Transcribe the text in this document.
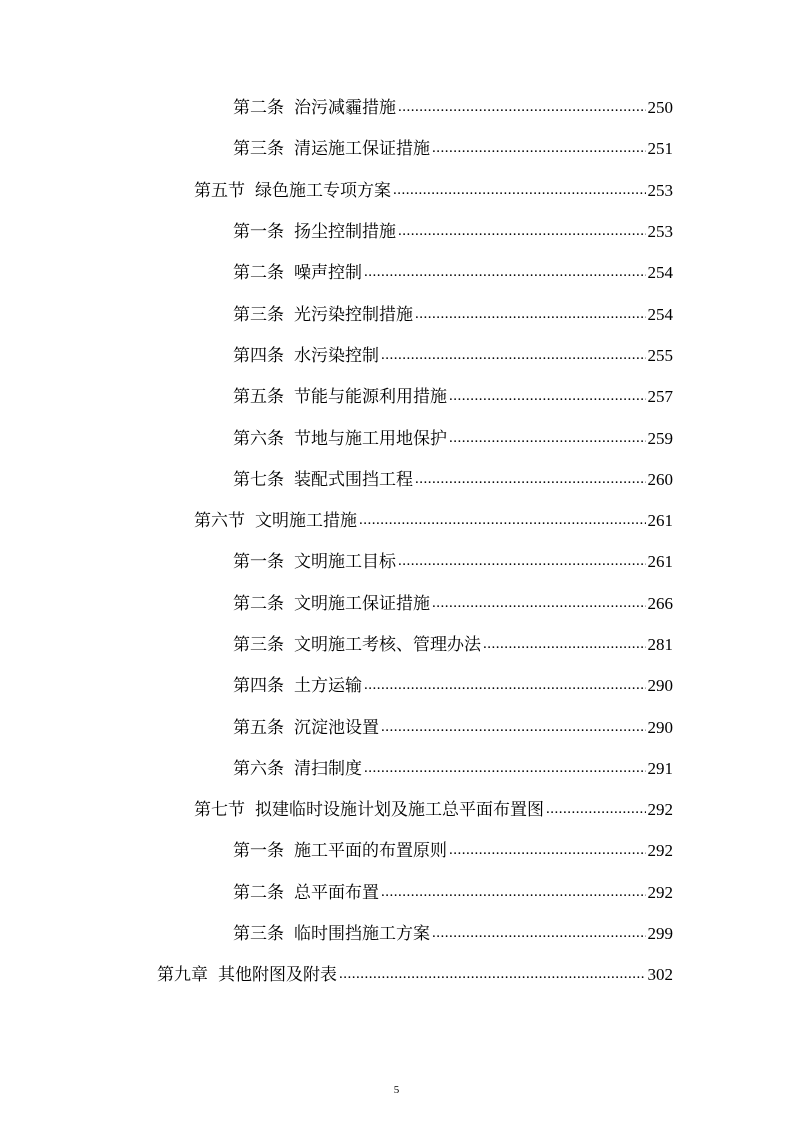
第二条 治污减霾措施 .....	250
第三条 清运施工保证措施 .....	251
第五节 绿色施工专项方案 .....	253
第一条 扬尘控制措施 .....	253
第二条 噪声控制 .....	254
第三条 光污染控制措施 .....	254
第四条 水污染控制 .....	255
第五条 节能与能源利用措施 .....	257
第六条 节地与施工用地保护 .....	259
第七条 装配式围挡工程 .....	260
第六节 文明施工措施 .....	261
第一条 文明施工目标 .....	261
第二条 文明施工保证措施 .....	266
第三条 文明施工考核、管理办法 .....	281
第四条 土方运输 .....	290
第五条 沉淀池设置 .....	290
第六条 清扫制度 .....	291
第七节 拟建临时设施计划及施工总平面布置图 .....	292
第一条 施工平面的布置原则 .....	292
第二条 总平面布置 .....	292
第三条 临时围挡施工方案 .....	299
第九章 其他附图及附表 .....	302
5
